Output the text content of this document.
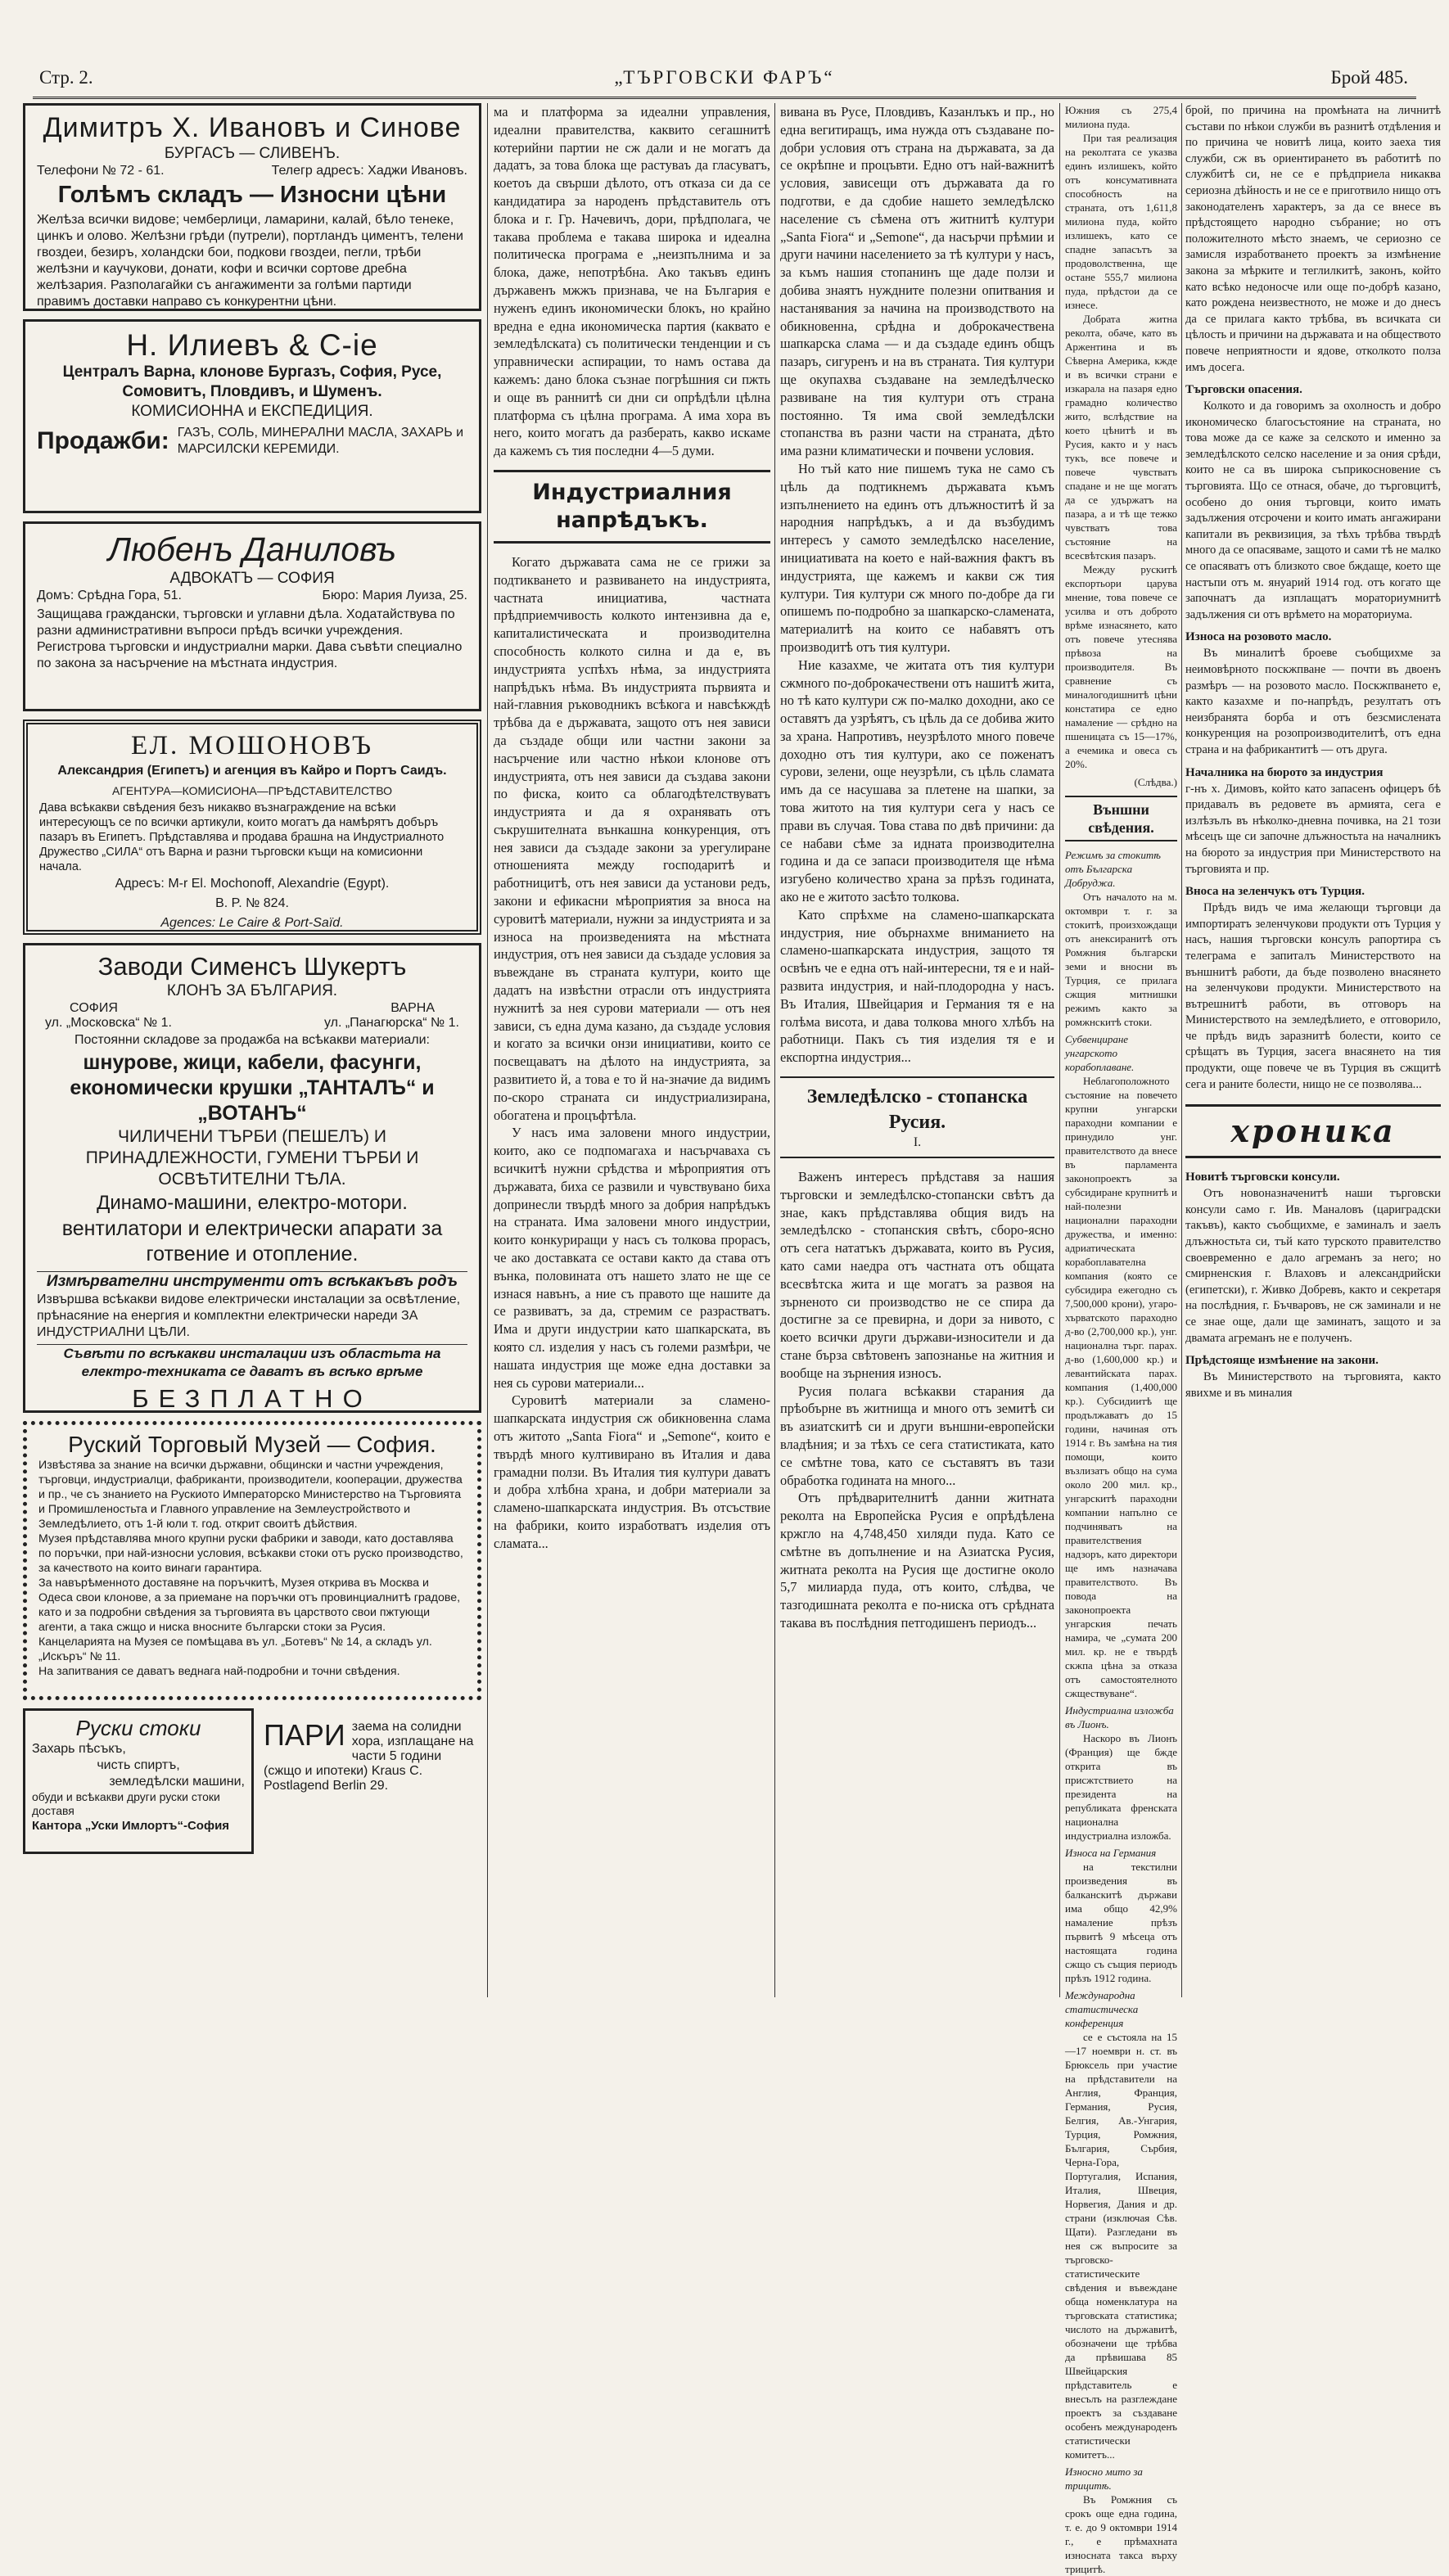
Стр. 2.	„ТЪРГОВСКИ ФАРЪ“	Брой 485.
Димитръ Х. Ивановъ и Синове
БУРГАСЪ — СЛИВЕНЪ.
Телефони № 72 - 61.	Телегр адресъ: Хаджи Ивановъ.
Голѣмъ складъ — Износни цѣни
Желѣза всички видове; чемберлици, ламарини, калай, бѣло тенеке, цинкъ и олово. Желѣзни грѣди (путрели), портландъ циментъ, телени гвоздеи, безиръ, холандски бои, подкови гвоздеи, пегли, трѣби желѣзни и каучукови, донати, кофи и всички сортове дребна желѣзария. Разполагайки съ ангажименти за голѣми партиди правимъ доставки направо съ конкурентни цѣни.
Н. Илиевъ & С-іе
Централъ Варна, клонове Бургазъ, София, Русе,
Сомовитъ, Пловдивъ, и Шуменъ.
КОМИСИОННА и ЕКСПЕДИЦИЯ.
Продажби: ГАЗЪ, СОЛЬ, МИНЕРАЛНИ МАСЛА, ЗАХАРЬ и МАРСИЛСКИ КЕРЕМИДИ.
Любенъ Даниловъ
АДВОКАТЪ — СОФИЯ
Домъ: Срѣдна Гора, 51.	Бюро: Мария Луиза, 25.
Защищава граждански, търговски и углавни дѣла. Ходатайствува по разни административни въпроси прѣдъ всички учреждения. Регистрова търговски и индустриални марки. Дава съвѣти специално по закона за насърчение на мѣстната индустрия.
ЕЛ. МОШОНОВЪ
Александрия (Египетъ) и агенция въ Кайро и Портъ Саидъ.
АГЕНТУРА—КОМИСИОНА—ПРѢДСТАВИТЕЛСТВО
Дава всѣкакви свѣдения безъ никакво възнаграждение на всѣки интересующъ се по всички артикули, които могатъ да намѣрятъ добъръ пазаръ въ Египетъ. Прѣдставлява и продава брашна на Индустриалното Дружество „СИЛА“ отъ Варна и разни търговски къщи на комисионни начала.
Адресъ: M-r El. Mochonoff, Alexandrie (Egypt).
B. P. № 824.
Agences: Le Caire & Port-Saïd.
Заводи Сименсъ Шукертъ
КЛОНЪ ЗА БЪЛГАРИЯ.
СОФИЯ	ВАРНА
ул. „Московска“ № 1.	ул. „Панагюрска“ № 1.
Постоянни складове за продажба на всѣкакви материали:
шнурове, жици, кабели, фасунги, економически крушки „ТАНТАЛЪ“ и „ВОТАНЪ“
ЧИЛИЧЕНИ ТЪРБИ (ПЕШЕЛЪ) И ПРИНАДЛЕЖНОСТИ, ГУМЕНИ ТЪРБИ И ОСВѢТИТЕЛНИ ТѢЛА.
Динамо-машини, електро-мотори.
вентилатори и електрически апарати за готвение и отопление.
Измѣрвателни инструменти отъ всѣкакъвъ родъ
Извършва всѣкакви видове електрически инсталации за освѣтление, прѣнасяние на енергия и комплектни електрически нареди ЗА ИНДУСТРИАЛНИ ЦѢЛИ.
Съвѣти по всѣкакви инсталации изъ областьта на електро-техниката се даватъ въ всѣко врѣме
БЕЗПЛАТНО
Руский Торговый Музей — София.
Извѣстява за знание на всички държавни, общински и частни учреждения, търговци, индустриалци, фабриканти, производители, кооперации, дружества и пр., че съ знанието на Рускиото Императорско Министерство на Търговията и Промишленостьта и Главного управление на Землеустройството и Земледѣлието, отъ 1-й юли т. год. открит своитѣ дѣйствия.
Музея прѣдставлява много крупни руски фабрики и заводи, като доставлява по поръчки, при най-износни условия, всѣкакви стоки отъ руско производство, за качеството на които винаги гарантира.
За навърѣменното доставяне на поръчкитѣ, Музея открива въ Москва и Одеса свои клонове, а за приемане на поръчки отъ провинциалнитѣ градове, като и за подробни свѣдения за търговията въ царството свои пжтующи агенти, а така сжщо и ниска вносните български стоки за Русия.
Канцеларията на Музея се помѣщава въ ул. „Ботевъ“ № 14, а складъ ул. „Искъръ“ № 11.
На запитвания се даватъ веднага най-подробни и точни свѣдения.
Руски стоки
Захарь пѣсъкъ,
чисть спиртъ,
земледѣлски машини,
обуди и всѣкакви други руски стоки доставя
Кантора „Уски Имлортъ“-София
ПАРИ заема на солидни хора, изплащане на части 5 години (сжщо и ипотеки) Kraus C. Postlagend Berlin 29.

ма и платформа за идеални управления, идеални правителства, каквито сегашнитѣ котерийни партии не сж дали и не могатъ да дадатъ, за това блока ще растуваъ да гласуватъ, коетоъ да свърши дѣлото, отъ отказа си да се кандидатира за народенъ прѣдставитель отъ блока и г. Гр. Начевичъ, дори, прѣдполага, че такава проблема е такава широка и идеална политическа програма е „неизпълнима и за блока, даже, непотрѣбна. Ако такъвъ единъ държавенъ мжжъ признава, че на България е нуженъ единъ икономически блокъ, но крайно вредна е една икономическа партия (каквато е земледѣлската) съ политически тенденции и съ управнически аспирации, то намъ остава да кажемъ: дано блока съзнае погрѣшния си пжть и още въ раннитѣ си дни си опрѣдѣли цѣлна платформа съ цѣлна програма. А има хора въ него, които могатъ да разберать, какво искаме да кажемъ съ тия последни 4—5 думи.

Индустриалния напрѣдъкъ.

Когато държавата сама не се грижи за подтикването и развиването на индустрията, частната инициатива, частната прѣдприемчивость колкото интензивна да е, капиталистическата и производителна способность колкото силна и да е, въ индустрията успѣхъ нѣма, за индустрията напрѣдъкъ нѣма. Въ индустрията първията и най-главния ръководникъ всѣкога и навсѣкждѣ трѣбва да е държавата, защото отъ нея зависи да създаде общи или частни закони за насърчение или частно нѣкои клонове отъ индустрията, отъ нея зависи да създава закони по фиска, които са облагодѣтелствуватъ индустрията и да я охранявать отъ съкрушителната вънкашна конкуренция, отъ нея зависи да създаде закони за урегулиране отношенията между господаритѣ и работницитѣ, отъ нея зависи да установи редъ, закони и ефикасни мѣроприятия за вноса на суровитѣ материали, нужни за индустрията и за износа на произведенията на мѣстната индустрия, отъ нея зависи да създаде условия за въвеждане въ страната култури, които ще дадатъ на извѣстни отрасли отъ индустрията нужнитѣ за нея сурови материали — отъ нея зависи, съ една дума казано, да създаде условия и когато за всички онзи инициативи, които се посвещаватъ на дѣлото на индустрията, за развитието й, а това е то й на-значие да видимъ по-скоро страната си индустриализирана, обогатена и процъфтѣла.

У насъ има заловени много индустрии, които, ако се подпомагаха и насърчаваха съ всичкитѣ нужни срѣдства и мѣроприятия отъ държавата, биха се развили и чувствувано биха допринесли твърдѣ много за добрия напрѣдъкъ на страната. Има заловени много индустрии, които конкуриращи у насъ съ толкова прорасъ, че ако доставката се остави както да става отъ вънка, половината отъ нашето злато не ще се изнася навънъ, а ние съ правото ще нашите да се развиватъ, за да, стремим се разрастватъ. Има и други индустрии като шапкарската, въ която сл. изделия у насъ съ големи размѣри, че нашата индустрия ще може една доставки за нея сь сурови материали...

Суровитѣ материали за сламено-шапкарската индустрия сж обикновенна слама отъ житото „Santa Fiora“ и „Semone“, които е твърдѣ много култивирано въ Италия и дава грамадни ползи. Въ Италия тия култури даватъ и добра хлѣбна храна, и добри материали за сламено-шапкарската индустрия. Въ отсъствие на фабрики, които изработватъ изделия отъ сламата...

вивана въ Русе, Пловдивъ, Казанлъкъ и пр., но една вегитиращъ, има нужда отъ създаване по-добри условия отъ страна на държавата, за да се окрѣпне и процъвти. Едно отъ най-важнитѣ условия, зависещи отъ държавата да го подготви, е да сдобие нашето земледѣлско население съ сѣмена отъ житнитѣ култури „Santa Fiora“ и „Semone“, да насърчи прѣмии и други начини населението за тѣ култури у насъ, за къмъ нашия стопанинъ ще даде ползи и добива знаятъ нуждните полезни опитвания и настанявания за начина на производството на обикновенна, срѣдна и доброкачествена шапкарска слама — и да създаде единъ общъ пазаръ, сигуренъ и на въ страната. Тия култури ще окупахва създаване на земледѣлческо развиване на тия култури отъ страна постоянно. Тя има свой земледѣлски стопанства въ разни части на страната, дѣто има разни климатически и почвени условия.

Но тъй като ние пишемъ тука не само съ цѣль да подтикнемъ държавата къмъ изпълнението на единъ отъ длъжноститѣ й за народния напрѣдъкъ, а и да възбудимъ интересъ у самото земледѣлско население, инициативата на което е най-важния фактъ въ индустрията, ще кажемъ и какви сж тия култури. Тия култури сж много по-добре да ги опишемъ по-подробно за шапкарско-сламената, материалитѣ на които се набавятъ отъ производитѣ отъ тия култури.

Ние казахме, че житата отъ тия култури сжмного по-доброкачествени отъ нашитѣ жита, но тѣ като култури сж по-малко доходни, ако се оставятъ да узрѣятъ, съ цѣль да се добива жито за храна. Напротивъ, неузрѣлото много повече доходно отъ тия култури, ако се поженатъ сурови, зелени, още неузрѣли, съ цѣль сламата имъ да се насушава за плетене на шапки, за това житото на тия култури сега у насъ се прави въ случая. Това става по двѣ причини: да се набави сѣме за идната производителна година и да се запаси производителя ще нѣма изгубено количество храна за прѣзъ годината, ако не е житото засѣто толкова.

Като спрѣхме на сламено-шапкарската индустрия, ние обърнахме вниманието на сламено-шапкарската индустрия, защото тя освѣнъ че е една отъ най-интересни, тя е и най-развита индустрия, и най-плодородна у насъ. Въ Италия, Швейцария и Германия тя е на голѣма висота, и дава толкова много хлѣбъ на работници. Пакъ съ тия изделия тя е и експортна индустрия...

Земледѣлско - стопанска Русия.
I.

Важенъ интересъ прѣдставя за нашия търговски и земледѣлско-стопански свѣтъ да знае, какъ прѣдставлява общия видъ на земледѣлско - стопанския свѣтъ, сборо-ясно отъ сега нататъкъ държавата, които въ Русия, като сами наедра отъ частната отъ общата всесвѣтска жита и ще могатъ за развоя на зърненото си производство не се спира да достигне за се превирна, и дори за нивото, с което всички други държави-износители и да стане бърза свѣтовенъ запознанье на житния и вообще на зърнения износъ.

Русия полага всѣкакви старания да прѣобърне въ житнища и много отъ земитѣ си въ азиатскитѣ си и други външни-европейски владѣния; и за тѣхъ се сега статистиката, като се смѣтне това, като се съставятъ въ тази обработка годината на много...

Отъ прѣдварителнитѣ данни житната реколта на Европейска Русия е опрѣдѣлена кржгло на 4,748,450 хиляди пуда. Като се смѣтне въ допълнение и на Азиатска Русия, житната реколта на Русия ще достигне около 5,7 милиарда пуда, отъ които, слѣдва, че тазгодишната реколта е по-ниска отъ срѣдната такава въ послѣдния петгодишенъ периодъ...

Южния съ 275,4 милиона пуда.

При тая реализация на реколтата се указва единъ излишекъ, който отъ консумативната способность на страната, отъ 1,611,8 милиона пуда, който излишекъ, като се спадне запасътъ за продоволственна, ще остане 555,7 милиона пуда, прѣдстои да се изнесе.

Добрата житна реколта, обаче, като въ Аржентина и въ Сѣверна Америка, кжде и въ всички страни е изкарала на пазаря едно грамадно количество жито, вслѣдствие на което цѣнитѣ и въ Русия, както и у насъ тукъ, все повече и повече чувстватъ спадане и не ще могатъ да се удържатъ на пазара, а и тѣ ще тежко чувстватъ това състояние на всесвѣтския пазаръ.

Между рускитѣ експортьори царува мнение, това повече се усилва и отъ доброто врѣме изнасянето, като отъ повече утеснява прѣвоза на производителя. Въ сравнение съ миналогодишнитѣ цѣни констатира се едно намаление — срѣдно на пшеницата съ 15—17%, а ечемика и овеса съ 20%.

(Слѣдва.)
Външни свѣдения.
Режимъ за стокитѣ отъ Българска Добруджа.

Отъ началото на м. октомври т. г. за стокитѣ, произхождащи отъ анексиранитѣ отъ Ромжния български земи и вносни въ Турция, се прилага сжщия митнишки режимъ както за ромжнскитѣ стоки.

Субвенциране унгарското корабоплаване.

Неблагоположното състояние на повечето крупни унгарски параходни компании е принудило унг. правителството да внесе въ парламента законопроектъ за субсидиране крупнитѣ и най-полезни национални параходни дружества, и именно: адриатическата корабоплавателна компания (която се субсидира ежегодно съ 7,500,000 крони), угаро-хърватското параходно д-во (2,700,000 кр.), унг. национална търг. парах. д-во (1,600,000 кр.) и левантийската парах. компания (1,400,000 кр.). Субсидиитѣ ще продължаватъ до 15 години, начиная отъ 1914 г. Въ замѣна на тия помощи, които възлизатъ общо на сума около 200 мил. кр., унгарскитѣ параходни компании напълно се подчиняватъ на правителствения надзоръ, като директори ще имъ назначава правителството. Въ повода на законопроекта унгарския печать намира, че „сумата 200 мил. кр. не е твърдѣ скжпа цѣна за отказа отъ самостоятелното сжществуване“.

Индустриална изложба въ Лионъ.

Наскоро въ Лионъ (Франция) ще бжде открита въ присжтствието на президента на републиката френската национална индустриална изложба.

Износа на Германия

на текстилни произведения въ балканскитѣ държави има общо 42,9% намаление прѣзъ първитѣ 9 мѣсеца отъ настоящата година сжщо съ същия периодъ прѣзъ 1912 година.

Международна статистическа конференция

се е състояла на 15—17 ноември н. ст. въ Брюксель при участие на прѣдставители на Англия, Франция, Германия, Русия, Белгия, Ав.-Унгария, Турция, Ромжния, България, Сърбия, Черна-Гора, Португалия, Испания, Италия, Швеция, Норвегия, Дания и др. страни (изключая Сѣв. Щати). Разгледани въ нея сж въпросите за търговско-статистическите свѣдения и въвеждане обща номенклатура на търговската статистика; числото на държавитѣ, обозначени ще трѣбва да прѣвишава 85 Швейцарския прѣдставитель е внесълъ на разглеждане проектъ за създаване особенъ международенъ статистически комитетъ...

Износно мито за трицитѣ.

Въ Ромжния съ срокъ още една година, т. е. до 9 октомври 1914 г., е прѣмахната износната такса върху трицитѣ.

брой, по причина на промѣната на личнитѣ състави по нѣкои служби въ разнитѣ отдѣления и по причина че новитѣ лица, които заеха тия служби, сж въ ориентирането въ работитѣ по службитѣ си, не се е прѣдприела никаква сериозна дѣйность и не се е приготвило нищо отъ законодателенъ характеръ, за да се внесе въ прѣдстоящето народно събрание; но отъ положителното мѣсто знаемъ, че сериозно се замисля изработването проектъ за измѣнение закона за мѣрките и теглилкитѣ, законъ, който като всѣко недоносче или още по-добрѣ казано, като рождена неизвестното, не може и до днесъ да се прилага както трѣбва, въ всичката си цѣлость и причини на държавата и на обществото повече неприятности и ядове, отколкото полза имъ досега.

Търговски опасения.

Колкото и да говоримъ за охолность и добро икономическо благосъстояние на страната, но това може да се каже за селското и именно за земледѣлското селско население и за ония срѣди, които не са въ широка съприкосновение съ търговията. Що се отнася, обаче, до търговцитѣ, особено до ония търговци, които имать задължения отсрочени и които имать ангажирани капитали въ реквизиция, за тѣхъ трѣбва твърдѣ много да се опасяваме, защото и сами тѣ не малко се опасяватъ отъ близкото свое бждаще, което ще настъпи отъ м. януарий 1914 год. отъ когато ще започнатъ да изплащатъ мораториумнитѣ задължения си отъ врѣмето на мораториума.

Износа на розовото масло.

Въ миналитѣ броеве съобщихме за неимовѣрното поскжпване — почти въ двоенъ размѣръ — на розовото масло. Поскжпването е, както казахме и по-напрѣдъ, резултатъ отъ неизбранята борба и отъ безсмислената конкуренция на розопроизводителитѣ, отъ една страна и на фабрикантитѣ — отъ друга.

Началника на бюрото за индустрия

г-нъ х. Димовъ, който като запасенъ офицеръ бѣ придавалъ въ редовете въ армията, сега е излѣзълъ въ нѣколко-дневна почивка, на 21 този мѣсецъ ще си започне длъжностьта на началникъ на бюрото за индустрия при Министерството на търговията и пр.

Вноса на зеленчукъ отъ Турция.

Прѣдъ видъ че има желающи търговци да импортиратъ зеленчукови продукти отъ Турция у насъ, нашия търговски консулъ рапортира съ телеграма е запиталъ Министерството на външнитѣ работи, да бъде позволено внасянето на зеленчукови продукти. Министерството на вътрешнитѣ работи, въ отговоръ на Министерството на земледѣлието, е отговорило, че прѣдъ видъ заразнитѣ болести, които се срѣщатъ въ Турция, засега внасянето на тия продукти, още повече че въ Турция въ сжщитѣ сега и раните болести, нищо не се позволява...

хроника
Новитѣ търговски консули.

Отъ новоназначенитѣ наши търговски консули само г. Ив. Маналовъ (цариградски такъвъ), както съобщихме, е заминалъ и заелъ длъжностьта си, тъй като турското правителство своевременно е дало агреманъ за него; но смирненския г. Влаховъ и александрийски (египетски), г. Живко Добревъ, както и секретаря на послѣдния, г. Бъчваровъ, не сж заминали и не се знае още, дали ще заминатъ, защото и за двамата агреманъ не е полученъ.

Прѣдстояще измѣнение на закони.

Въ Министерството на търговията, както явихме и въ миналия
